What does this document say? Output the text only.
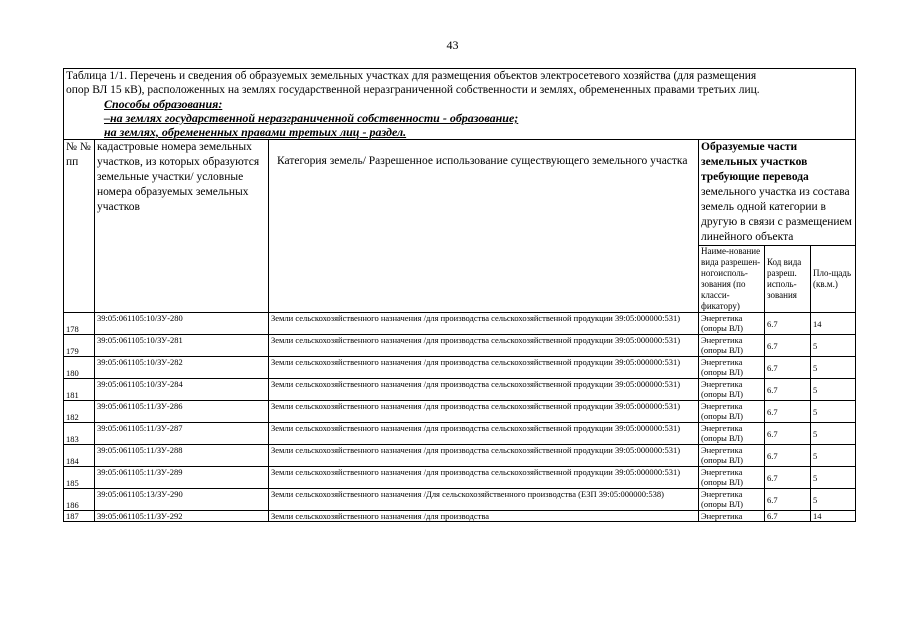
43
Таблица 1/1. Перечень и сведения об образуемых земельных участках для размещения объектов электросетевого хозяйства (для размещения
опор ВЛ 15 кВ), расположенных на землях государственной неразграниченной собственности и землях, обремененных правами третьих лиц.
Способы образования:
–на землях государственной неразграниченной собственности - образование;
на землях, обремененных правами третьих лиц - раздел.					

№ № пп	кадастровые номера земельных участков, из которых образуются земельные участки/ условные номера образуемых земельных участков	Категория земель/ Разрешенное использование существующего земельного участка	Образуемые части земельных участков требующие перевода земельного участка из состава земель одной категории в другую в связи с размещением линейного объекта		
			Наиме-нование вида разрешен-ногоисполь-зования (по класси-фикатору)	Код вида разреш. исполь-зования	Пло-щадь (кв.м.)
178	39:05:061105:10/ЗУ-280	Земли сельскохозяйственного назначения /для производства сельскохозяйственной продукции 39:05:000000:531)	Энергетика (опоры ВЛ)	6.7	14
179	39:05:061105:10/ЗУ-281	Земли сельскохозяйственного назначения /для производства сельскохозяйственной продукции 39:05:000000:531)	Энергетика (опоры ВЛ)	6.7	5
180	39:05:061105:10/ЗУ-282	Земли сельскохозяйственного назначения /для производства сельскохозяйственной продукции 39:05:000000:531)	Энергетика (опоры ВЛ)	6.7	5
181	39:05:061105:10/ЗУ-284	Земли сельскохозяйственного назначения /для производства сельскохозяйственной продукции 39:05:000000:531)	Энергетика (опоры ВЛ)	6.7	5
182	39:05:061105:11/ЗУ-286	Земли сельскохозяйственного назначения /для производства сельскохозяйственной продукции 39:05:000000:531)	Энергетика (опоры ВЛ)	6.7	5
183	39:05:061105:11/ЗУ-287	Земли сельскохозяйственного назначения /для производства сельскохозяйственной продукции 39:05:000000:531)	Энергетика (опоры ВЛ)	6.7	5
184	39:05:061105:11/ЗУ-288	Земли сельскохозяйственного назначения /для производства сельскохозяйственной продукции 39:05:000000:531)	Энергетика (опоры ВЛ)	6.7	5
185	39:05:061105:11/ЗУ-289	Земли сельскохозяйственного назначения /для производства сельскохозяйственной продукции 39:05:000000:531)	Энергетика (опоры ВЛ)	6.7	5
186	39:05:061105:13/ЗУ-290	Земли сельскохозяйственного назначения /Для сельскохозяйственного производства (ЕЗП 39:05:000000:538)	Энергетика (опоры ВЛ)	6.7	5
187	39:05:061105:11/ЗУ-292	Земли сельскохозяйственного назначения /для производства	Энергетика	6.7	14
